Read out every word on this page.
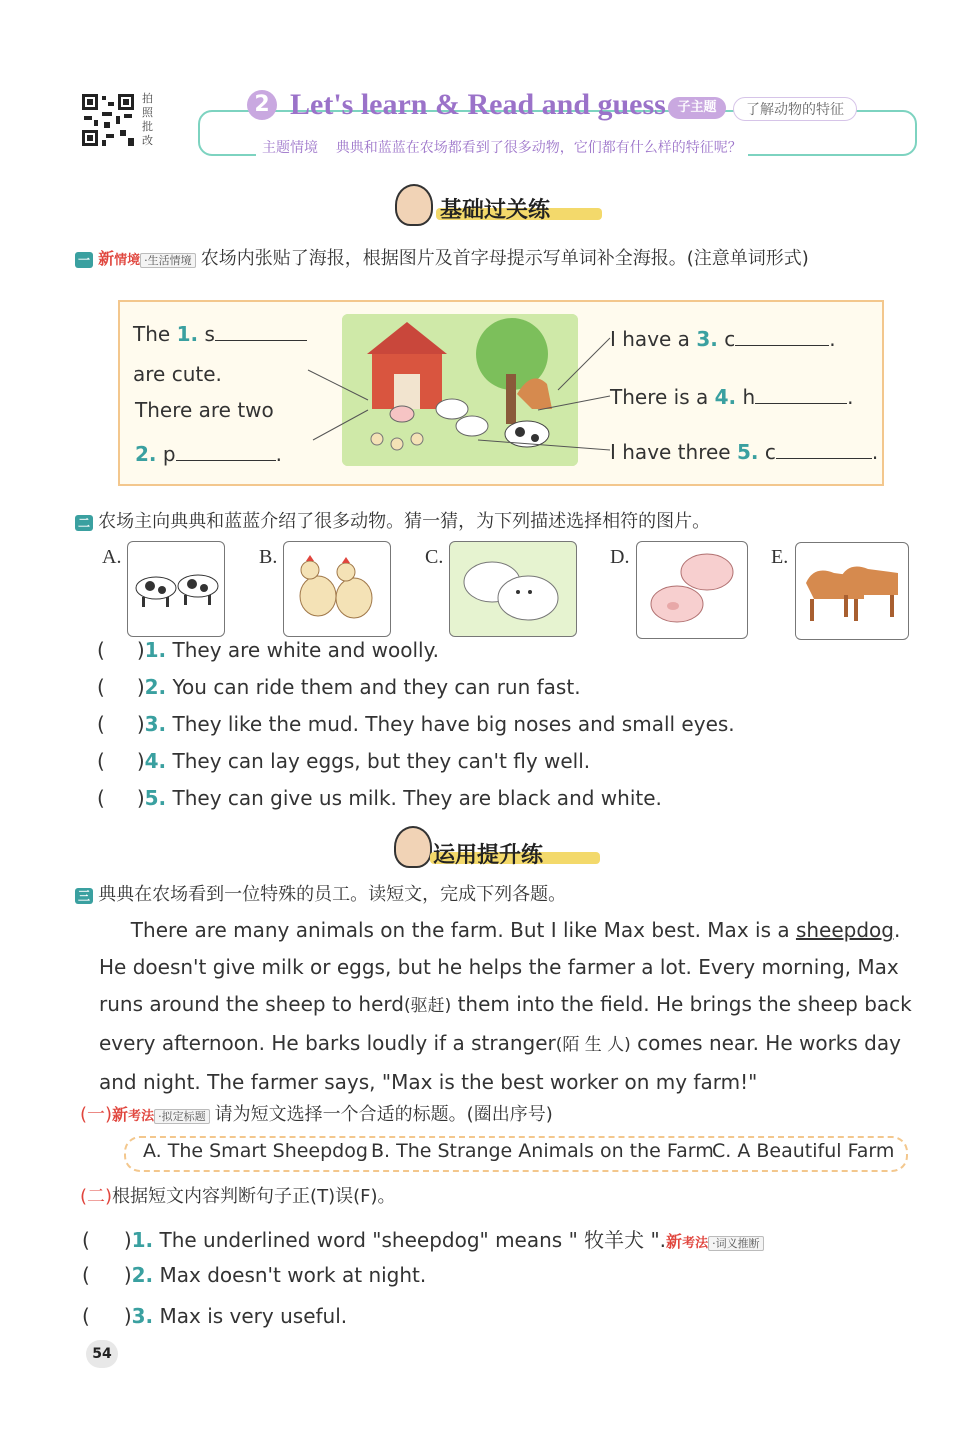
拍照批改
2 Let's learn & Read and guess 子主题	了解动物的特征
主题情境 典典和蓝蓝在农场都看到了很多动物，它们都有什么样的特征呢？
基础过关练
一 新情境 ·生活情境 农场内张贴了海报，根据图片及首字母提示写单词补全海报。(注意单词形式)
The 1. s
are cute.
There are two
2. p	.
I have a 3. c	.
There is a 4. h	.
I have three 5. c	.
二 农场主向典典和蓝蓝介绍了很多动物。猜一猜，为下列描述选择相符的图片。
A.	B.	C.	D.	E.
( )1. They are white and woolly.
( )2. You can ride them and they can run fast.
( )3. They like the mud. They have big noses and small eyes.
( )4. They can lay eggs, but they can't fly well.
( )5. They can give us milk. They are black and white.
运用提升练
三 典典在农场看到一位特殊的员工。读短文，完成下列各题。
There are many animals on the farm. But I like Max best. Max is a sheepdog. He doesn't give milk or eggs, but he helps the farmer a lot. Every morning, Max runs around the sheep to herd(驱赶) them into the field. He brings the sheep back every afternoon. He barks loudly if a stranger(陌 生 人) comes near. He works day and night. The farmer says, "Max is the best worker on my farm!"
(一)新考法 ·拟定标题 请为短文选择一个合适的标题。(圈出序号)
A. The Smart Sheepdog B. The Strange Animals on the Farm
C. A Beautiful Farm
(二)根据短文内容判断句子正(T)误(F)。
( )1. The underlined word "sheepdog" means " 牧羊犬 ".新考法 ·词义推断
( )2. Max doesn't work at night.
( )3. Max is very useful.
54
